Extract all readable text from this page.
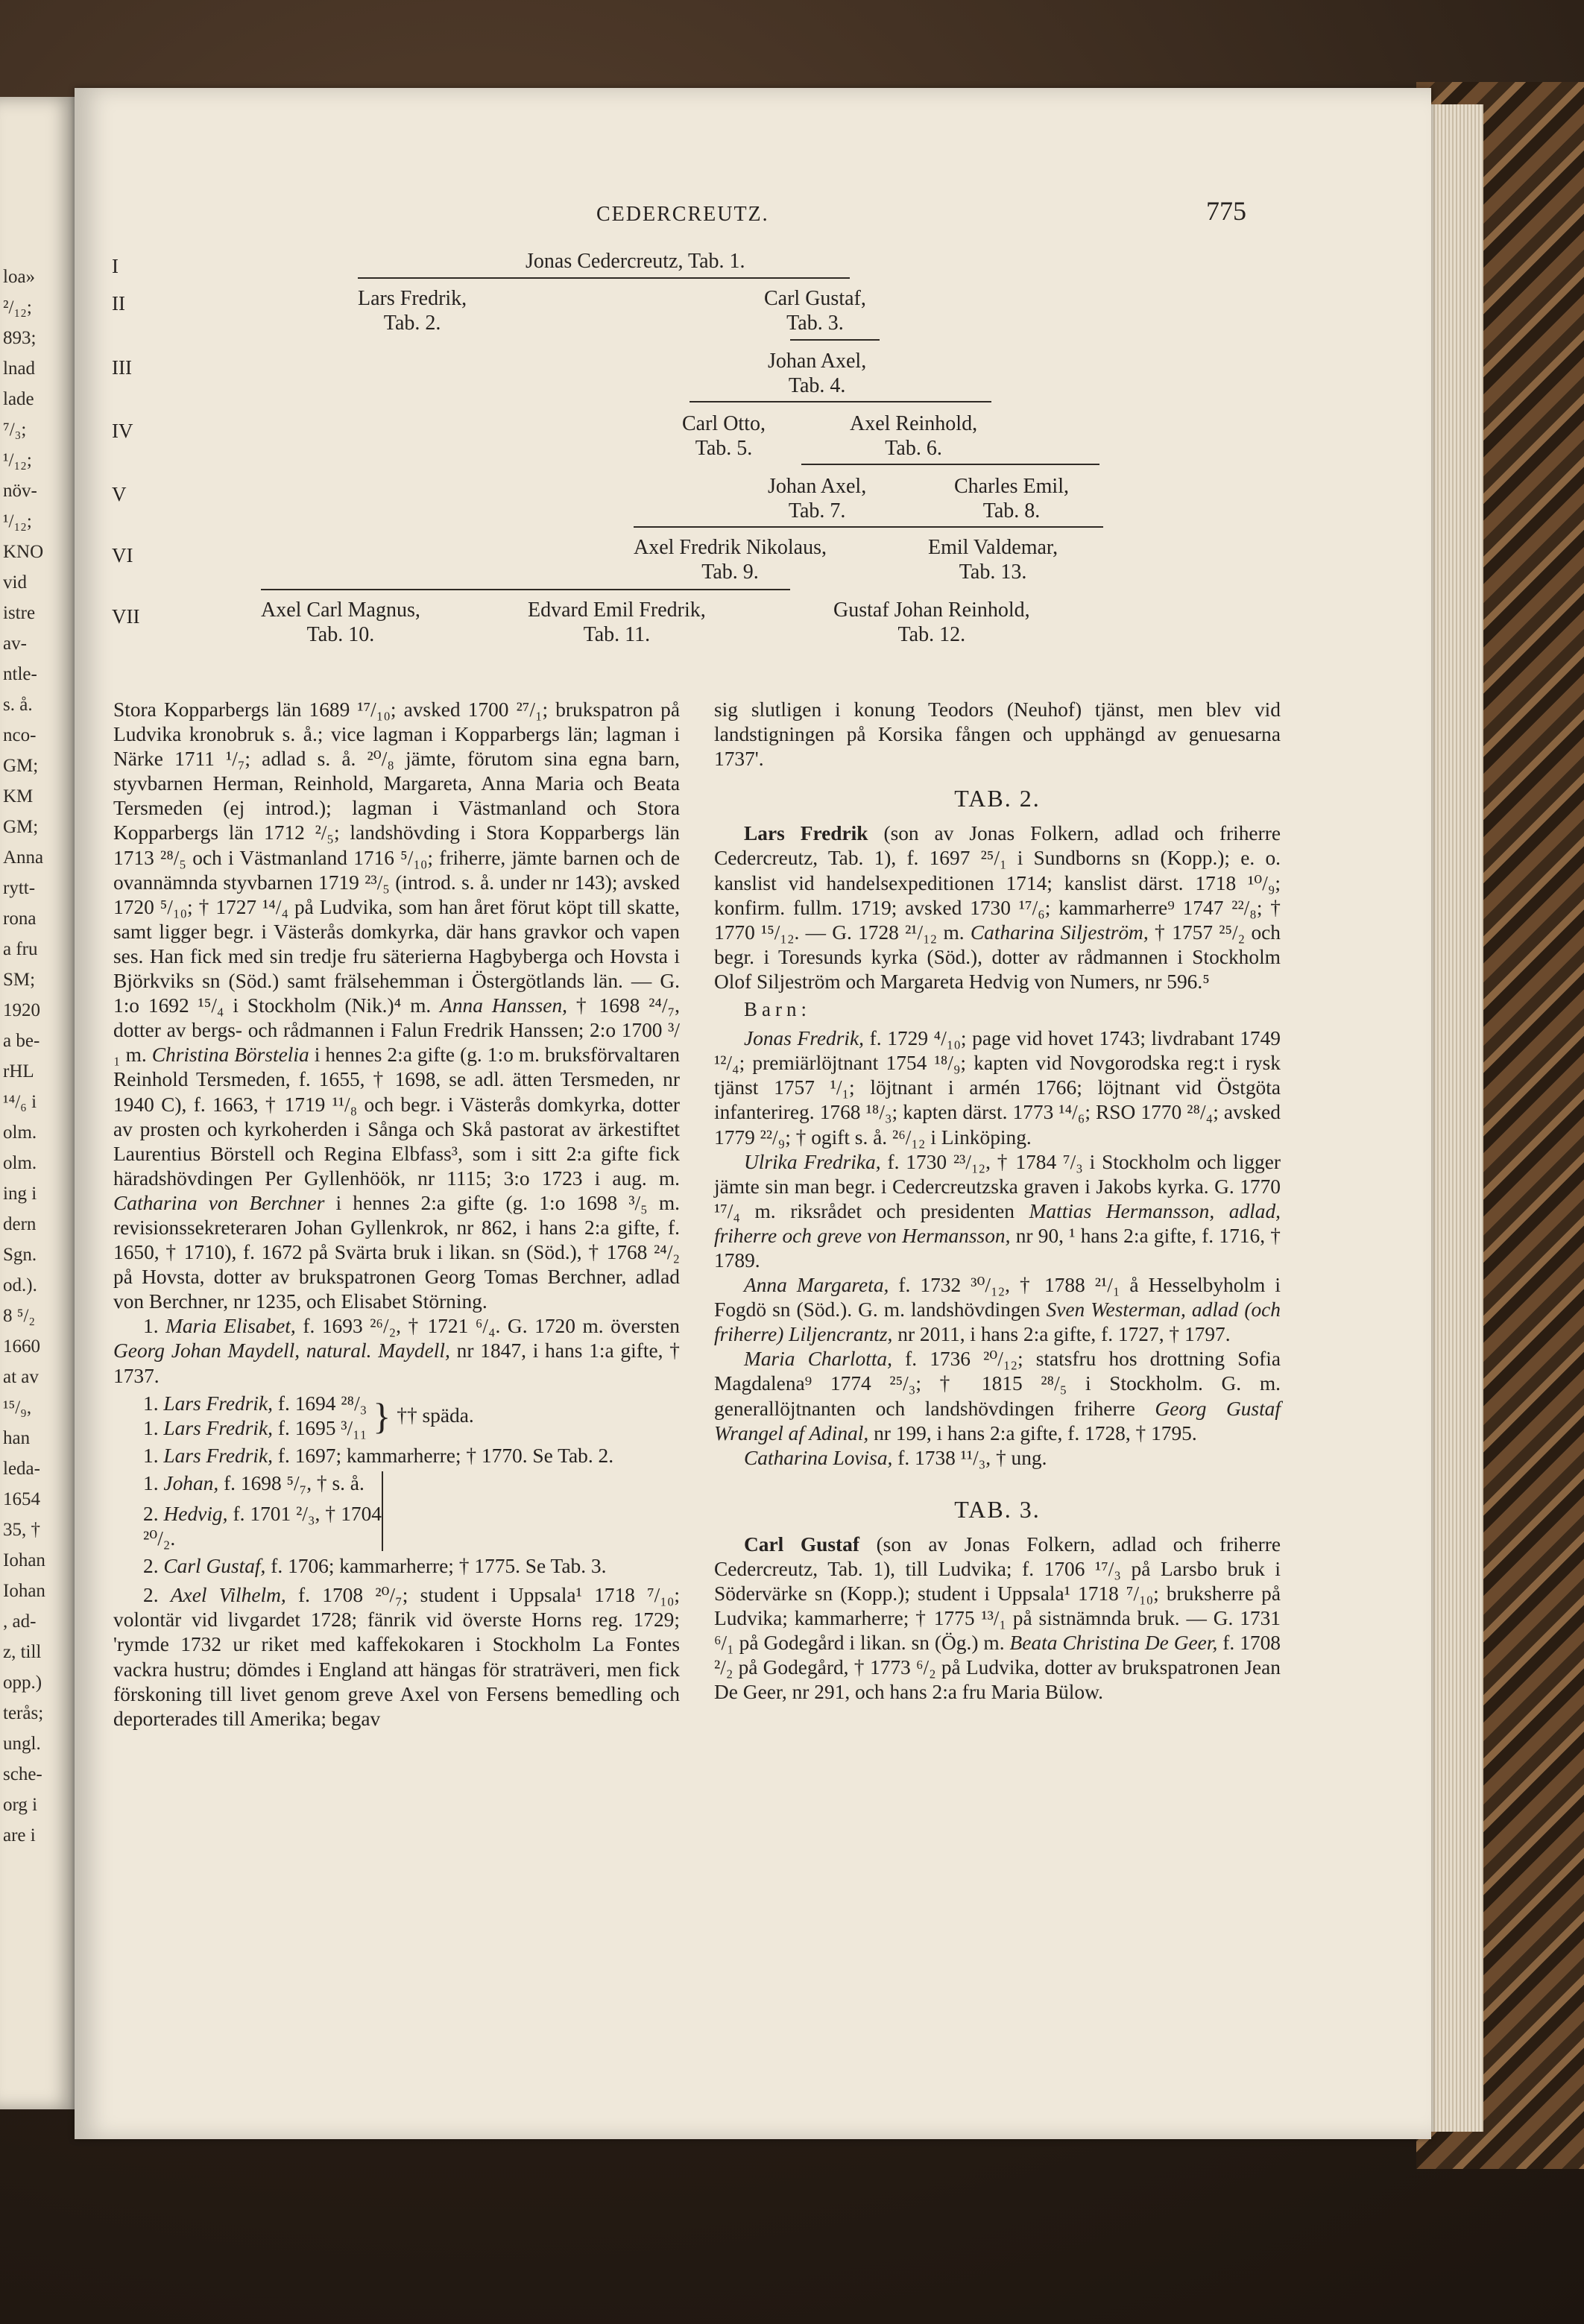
loa»
²/₁₂;
893;
lnad
lade
⁷/₃;
¹/₁₂;
növ-
¹/₁₂;
KNO
vid
istre
av-
ntle-
s. å.
nco-
GM;
KM
GM;
Anna
rytt-
rona
a fru
SM;
1920
a be-
rHL
¹⁴/₆ i
olm.
olm.
ing i
dern
Sgn.
od.).
8 ⁵/₂
1660
at av
¹⁵/₉,
han
leda-
1654
35, †
Iohan
Iohan
, ad-
z, till
opp.)
terås;
ungl.
sche-
org i
are i
CEDERCREUTZ.	775
I
II
III
IV
V
VI
VII
Jonas Cedercreutz, Tab. 1.
Lars Fredrik,
Tab. 2.
Carl Gustaf,
Tab. 3.
Johan Axel,
Tab. 4.
Carl Otto,
Tab. 5.
Axel Reinhold,
Tab. 6.
Johan Axel,
Tab. 7.
Charles Emil,
Tab. 8.
Axel Fredrik Nikolaus,
Tab. 9.
Emil Valdemar,
Tab. 13.
Axel Carl Magnus,
Tab. 10.
Edvard Emil Fredrik,
Tab. 11.
Gustaf Johan Reinhold,
Tab. 12.

Stora Kopparbergs län 1689 ¹⁷/₁₀; avsked 1700 ²⁷/₁; brukspatron på Ludvika kronobruk s. å.; vice lagman i Kopparbergs län; lagman i Närke 1711 ¹/₇; adlad s. å. ²⁰/₈ jämte, förutom sina egna barn, styvbarnen Herman, Reinhold, Margareta, Anna Maria och Beata Tersmeden (ej introd.); lagman i Västmanland och Stora Kopparbergs län 1712 ²/₅; landshövding i Stora Kopparbergs län 1713 ²⁸/₅ och i Västmanland 1716 ⁵/₁₀; friherre, jämte barnen och de ovannämnda styvbarnen 1719 ²³/₅ (introd. s. å. under nr 143); avsked 1720 ⁵/₁₀; † 1727 ¹⁴/₄ på Ludvika, som han året förut köpt till skatte, samt ligger begr. i Västerås domkyrka, där hans gravkor och vapen ses. Han fick med sin tredje fru säterierna Hagbyberga och Hovsta i Björkviks sn (Söd.) samt frälsehemman i Östergötlands län. — G. 1:o 1692 ¹⁵/₄ i Stockholm (Nik.)⁴ m. Anna Hanssen, † 1698 ²⁴/₇, dotter av bergs- och rådmannen i Falun Fredrik Hanssen; 2:o 1700 ³/₁ m. Christina Börstelia i hennes 2:a gifte (g. 1:o m. bruksförvaltaren Reinhold Tersmeden, f. 1655, † 1698, se adl. ätten Tersmeden, nr 1940 C), f. 1663, † 1719 ¹¹/₈ och begr. i Västerås domkyrka, dotter av prosten och kyrkoherden i Sånga och Skå pastorat av ärkestiftet Laurentius Börstell och Regina Elbfass³, som i sitt 2:a gifte fick häradshövdingen Per Gyllenhöök, nr 1115; 3:o 1723 i aug. m. Catharina von Berchner i hennes 2:a gifte (g. 1:o 1698 ³/₅ m. revisionssekreteraren Johan Gyllenkrok, nr 862, i hans 2:a gifte, f. 1650, † 1710), f. 1672 på Svärta bruk i likan. sn (Söd.), † 1768 ²⁴/₂ på Hovsta, dotter av brukspatronen Georg Tomas Berchner, adlad von Berchner, nr 1235, och Elisabet Störning.

1. Maria Elisabet, f. 1693 ²⁶/₂, † 1721 ⁶/₄. G. 1720 m. översten Georg Johan Maydell, natural. Maydell, nr 1847, i hans 1:a gifte, † 1737.

1. Lars Fredrik, f. 1694 ²⁸/₃
1. Lars Fredrik, f. 1695 ³/₁₁ } †† späda.

1. Lars Fredrik, f. 1697; kammarherre; † 1770. Se Tab. 2.

1. Johan, f. 1698 ⁵/₇, † s. å.
2. Hedvig, f. 1701 ²/₃, † 1704 ²⁰/₂.

2. Carl Gustaf, f. 1706; kammarherre; † 1775. Se Tab. 3.

2. Axel Vilhelm, f. 1708 ²⁰/₇; student i Uppsala¹ 1718 ⁷/₁₀; volontär vid livgardet 1728; fänrik vid överste Horns reg. 1729; 'rymde 1732 ur riket med kaffekokaren i Stockholm La Fontes vackra hustru; dömdes i England att hängas för straträveri, men fick förskoning till livet genom greve Axel von Fersens bemedling och deporterades till Amerika; begav

sig slutligen i konung Teodors (Neuhof) tjänst, men blev vid landstigningen på Korsika fången och upphängd av genuesarna 1737'.

TAB. 2.

Lars Fredrik (son av Jonas Folkern, adlad och friherre Cedercreutz, Tab. 1), f. 1697 ²⁵/₁ i Sundborns sn (Kopp.); e. o. kanslist vid handelsexpeditionen 1714; kanslist därst. 1718 ¹⁰/₉; konfirm. fullm. 1719; avsked 1730 ¹⁷/₆; kammarherre⁹ 1747 ²²/₈; † 1770 ¹⁵/₁₂. — G. 1728 ²¹/₁₂ m. Catharina Siljeström, † 1757 ²⁵/₂ och begr. i Toresunds kyrka (Söd.), dotter av rådmannen i Stockholm Olof Siljeström och Margareta Hedvig von Numers, nr 596.⁵

Barn:

Jonas Fredrik, f. 1729 ⁴/₁₀; page vid hovet 1743; livdrabant 1749 ¹²/₄; premiärlöjtnant 1754 ¹⁸/₉; kapten vid Novgorodska reg:t i rysk tjänst 1757 ¹/₁; löjtnant i armén 1766; löjtnant vid Östgöta infanterireg. 1768 ¹⁸/₃; kapten därst. 1773 ¹⁴/₆; RSO 1770 ²⁸/₄; avsked 1779 ²²/₉; † ogift s. å. ²⁶/₁₂ i Linköping.

Ulrika Fredrika, f. 1730 ²³/₁₂, † 1784 ⁷/₃ i Stockholm och ligger jämte sin man begr. i Cedercreutzska graven i Jakobs kyrka. G. 1770 ¹⁷/₄ m. riksrådet och presidenten Mattias Hermansson, adlad, friherre och greve von Hermansson, nr 90, ¹ hans 2:a gifte, f. 1716, † 1789.

Anna Margareta, f. 1732 ³⁰/₁₂, † 1788 ²¹/₁ å Hesselbyholm i Fogdö sn (Söd.). G. m. landshövdingen Sven Westerman, adlad (och friherre) Liljencrantz, nr 2011, i hans 2:a gifte, f. 1727, † 1797.

Maria Charlotta, f. 1736 ²⁰/₁₂; statsfru hos drottning Sofia Magdalena⁹ 1774 ²⁵/₃; † 1815 ²⁸/₅ i Stockholm. G. m. generallöjtnanten och landshövdingen friherre Georg Gustaf Wrangel af Adinal, nr 199, i hans 2:a gifte, f. 1728, † 1795.

Catharina Lovisa, f. 1738 ¹¹/₃, † ung.

TAB. 3.

Carl Gustaf (son av Jonas Folkern, adlad och friherre Cedercreutz, Tab. 1), till Ludvika; f. 1706 ¹⁷/₃ på Larsbo bruk i Södervärke sn (Kopp.); student i Uppsala¹ 1718 ⁷/₁₀; bruksherre på Ludvika; kammarherre; † 1775 ¹³/₁ på sistnämnda bruk. — G. 1731 ⁶/₁ på Godegård i likan. sn (Ög.) m. Beata Christina De Geer, f. 1708 ²/₂ på Godegård, † 1773 ⁶/₂ på Ludvika, dotter av brukspatronen Jean De Geer, nr 291, och hans 2:a fru Maria Bülow.
